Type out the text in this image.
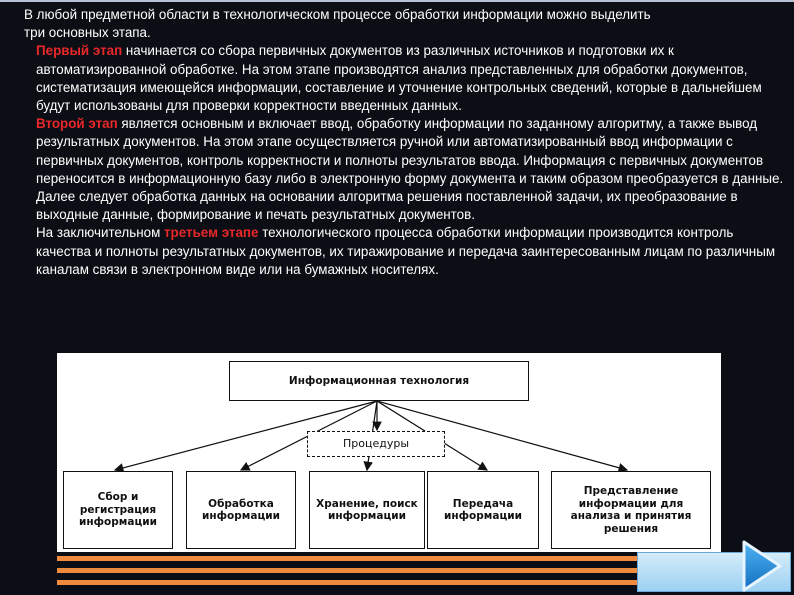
В любой предметной области в технологическом процессе обработки информации можно выделить

три основных этапа.

Первый этап начинается со сбора первичных документов из различных источников и подготовки их к автоматизированной обработке. На этом этапе производятся анализ представленных для обработки документов, систематизация имеющейся информации, составление и уточнение контрольных сведений, которые в дальнейшем будут использованы для проверки корректности введенных данных.

Второй этап является основным и включает ввод, обработку информации по заданному алгоритму, а также вывод результатных документов. На этом этапе осуществляется ручной или автоматизированный ввод информации с первичных документов, контроль корректности и полноты результатов ввода. Информация с первичных документов переносится в информационную базу либо в электронную форму документа и таким образом преобразуется в данные. Далее следует обработка данных на основании алгоритма решения поставленной задачи, их преобразование в выходные данные, формирование и печать результатных документов.

На заключительном третьем этапе технологического процесса обработки информации производится контроль качества и полноты результатных документов, их тиражирование и передача заинтересованным лицам по различным каналам связи в электронном виде или на бумажных носителях.

Информационная технология
Процедуры
Сбор и регистрация информации
Обработка информации
Хранение, поиск информации
Передача информации
Представление информации для анализа и принятия решения
